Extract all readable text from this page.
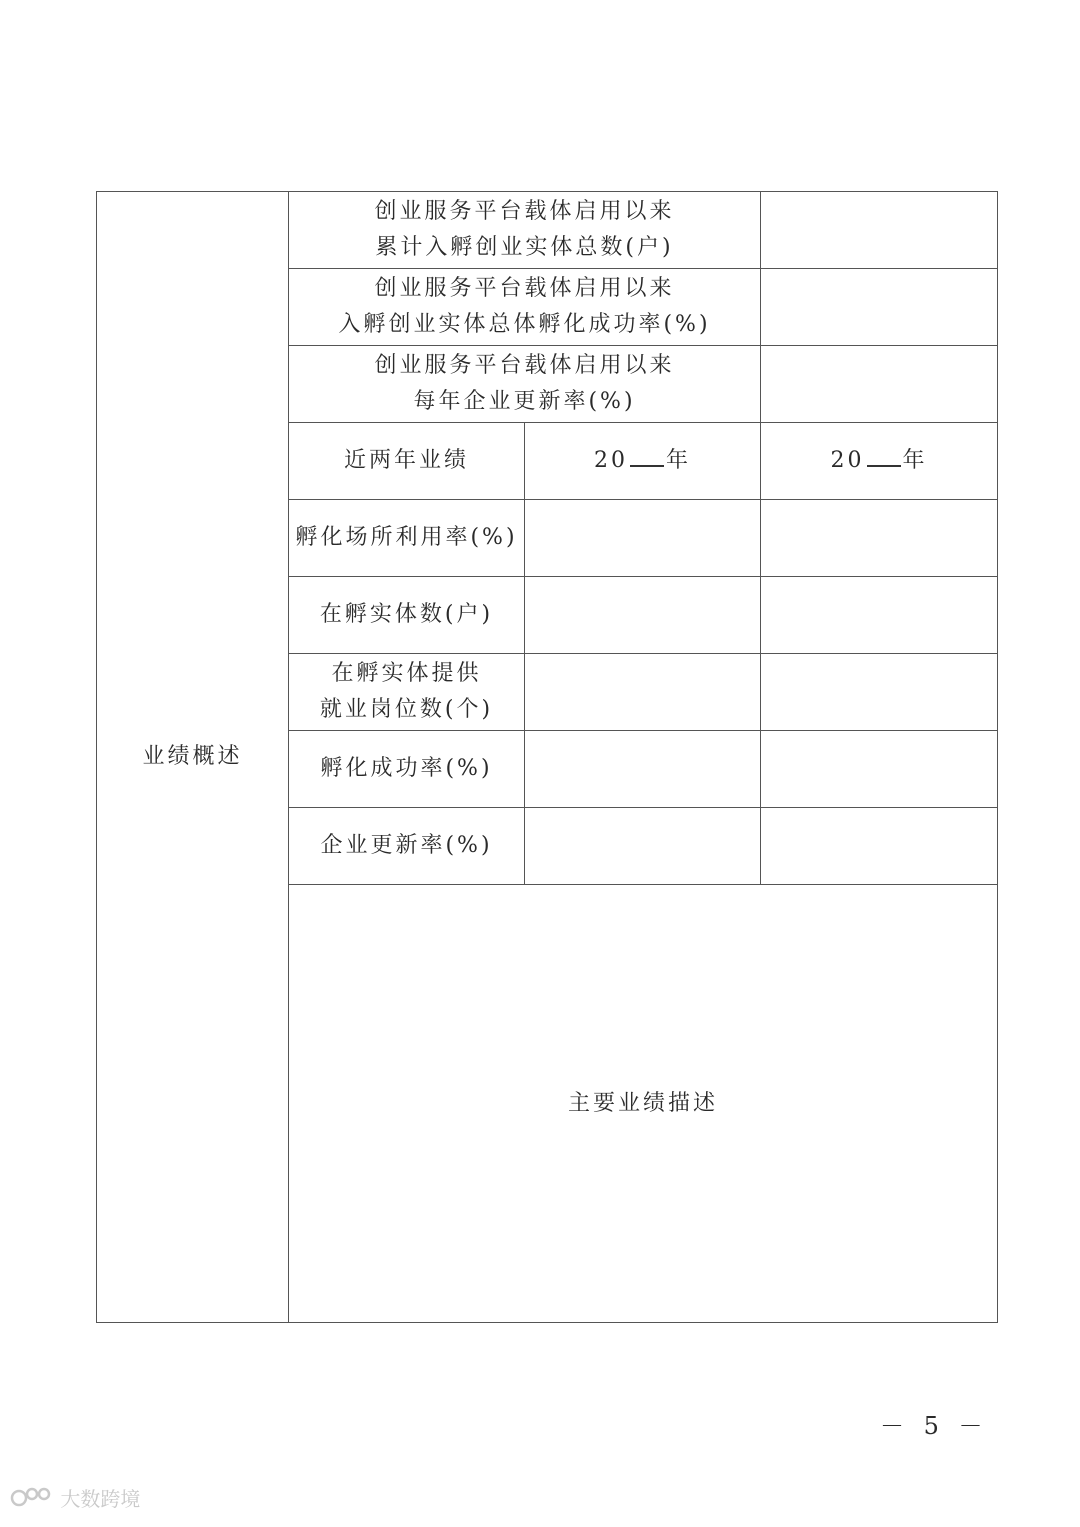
业绩概述	创业服务平台载体启用以来
累计入孵创业实体总数(户)		

	创业服务平台载体启用以来
入孵创业实体总体孵化成功率(%)		

	创业服务平台载体启用以来
每年企业更新率(%)		

	近两年业绩	20 年	20 年

	孵化场所利用率(%)		

	在孵实体数(户)		

	在孵实体提供
就业岗位数(个)		

	孵化成功率(%)		

	企业更新率(%)		

	主要业绩描述		
－ 5 －
大数跨境
